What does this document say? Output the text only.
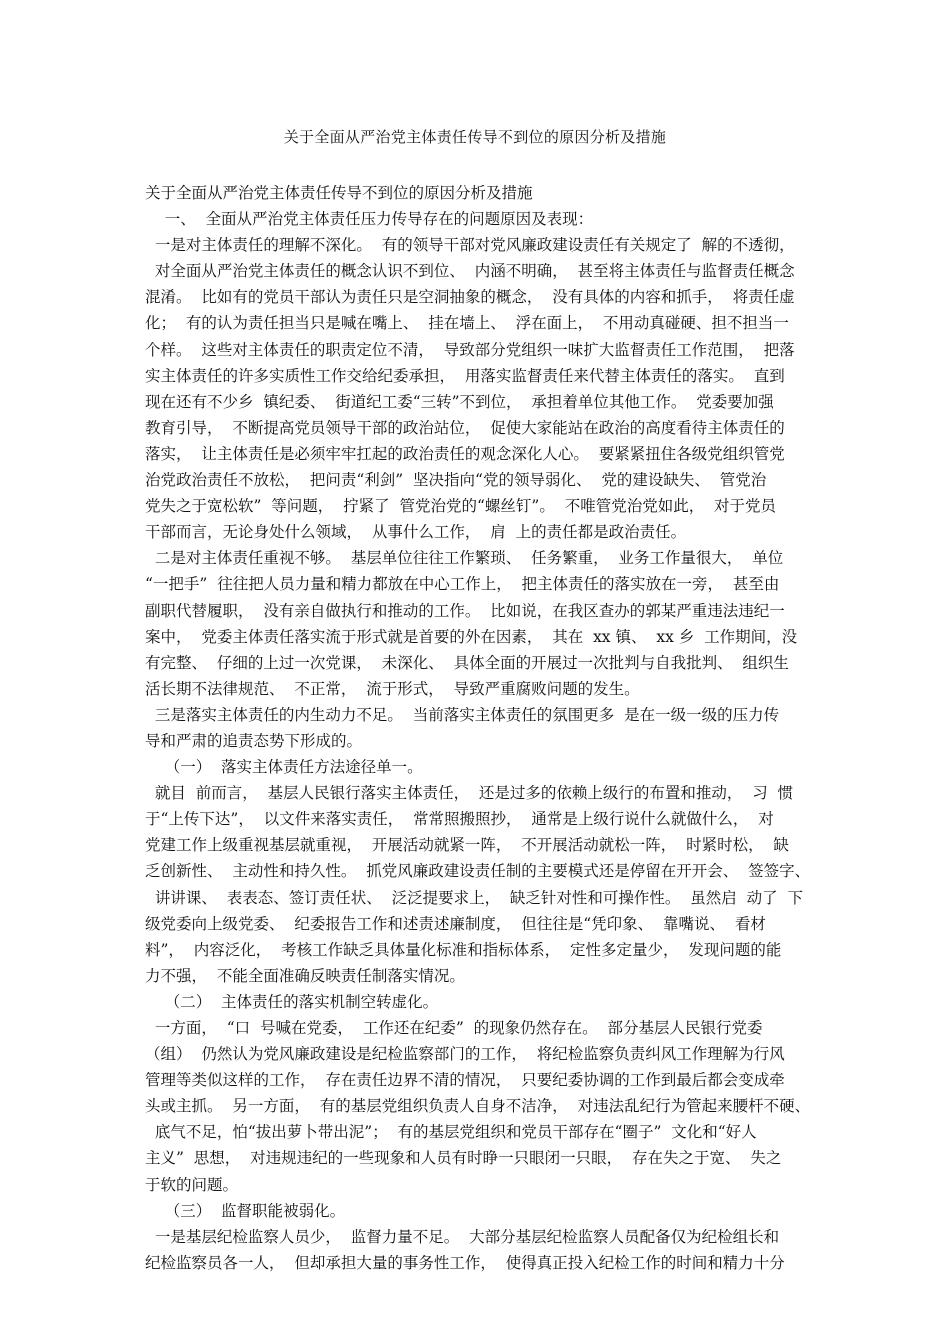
关于全面从严治党主体责任传导不到位的原因分析及措施
关于全面从严治党主体责任传导不到位的原因分析及措施
一、  全面从严治党主体责任压力传导存在的问题原因及表现：
一是对主体责任的理解不深化。  有的领导干部对党风廉政建设责任有关规定了  解的不透彻，
对全面从严治党主体责任的概念认识不到位、  内涵不明确，  甚至将主体责任与监督责任概念
混淆。  比如有的党员干部认为责任只是空洞抽象的概念，  没有具体的内容和抓手，  将责任虚
化；  有的认为责任担当只是喊在嘴上、  挂在墙上、  浮在面上，  不用动真碰硬、担不担当一
个样。  这些对主体责任的职责定位不清，  导致部分党组织一味扩大监督责任工作范围，  把落
实主体责任的许多实质性工作交给纪委承担，  用落实监督责任来代替主体责任的落实。  直到
现在还有不少乡  镇纪委、  街道纪工委“三转”不到位，  承担着单位其他工作。  党委要加强
教育引导，  不断提高党员领导干部的政治站位，  促使大家能站在政治的高度看待主体责任的
落实，  让主体责任是必须牢牢扛起的政治责任的观念深化人心。  要紧紧扭住各级党组织管党
治党政治责任不放松，  把问责“利剑”  坚决指向“党的领导弱化、  党的建设缺失、  管党治
党失之于宽松软”  等问题，  拧紧了  管党治党的“螺丝钉”。  不唯管党治党如此，  对于党员
干部而言，无论身处什么领域，  从事什么工作，  肩  上的责任都是政治责任。
二是对主体责任重视不够。  基层单位往往工作繁琐、  任务繁重，  业务工作量很大，  单位
“一把手”  往往把人员力量和精力都放在中心工作上，  把主体责任的落实放在一旁，  甚至由
副职代替履职，  没有亲自做执行和推动的工作。  比如说，在我区查办的郭某严重违法违纪一
案中，  党委主体责任落实流于形式就是首要的外在因素，  其在  xx 镇、  xx 乡  工作期间，没
有完整、  仔细的上过一次党课，  未深化、  具体全面的开展过一次批判与自我批判、  组织生
活长期不法律规范、  不正常，  流于形式，  导致严重腐败问题的发生。
三是落实主体责任的内生动力不足。  当前落实主体责任的氛围更多  是在一级一级的压力传
导和严肃的追责态势下形成的。
（一）  落实主体责任方法途径单一。
就目  前而言，  基层人民银行落实主体责任，  还是过多的依赖上级行的布置和推动，  习  惯
于“上传下达”，  以文件来落实责任，  常常照搬照抄，  通常是上级行说什么就做什么，  对
党建工作上级重视基层就重视，  开展活动就紧一阵，  不开展活动就松一阵，  时紧时松，  缺
乏创新性、  主动性和持久性。  抓党风廉政建设责任制的主要模式还是停留在开开会、  签签字、
讲讲课、  表表态、签订责任状、  泛泛提要求上，  缺乏针对性和可操作性。  虽然启  动了  下
级党委向上级党委、  纪委报告工作和述责述廉制度，  但往往是“凭印象、  靠嘴说、  看材
料”，  内容泛化，  考核工作缺乏具体量化标准和指标体系，  定性多定量少，  发现问题的能
力不强，  不能全面准确反映责任制落实情况。
（二）  主体责任的落实机制空转虚化。
一方面，  “口  号喊在党委，  工作还在纪委”  的现象仍然存在。  部分基层人民银行党委
（组）  仍然认为党风廉政建设是纪检监察部门的工作，  将纪检监察负责纠风工作理解为行风
管理等类似这样的工作，  存在责任边界不清的情况，  只要纪委协调的工作到最后都会变成牵
头或主抓。  另一方面，  有的基层党组织负责人自身不洁净，  对违法乱纪行为管起来腰杆不硬、
底气不足，怕“拔出萝卜带出泥”；  有的基层党组织和党员干部存在“圈子”  文化和“好人
主义”  思想，  对违规违纪的一些现象和人员有时睁一只眼闭一只眼，  存在失之于宽、  失之
于软的问题。
（三）  监督职能被弱化。
一是基层纪检监察人员少，  监督力量不足。  大部分基层纪检监察人员配备仅为纪检组长和
纪检监察员各一人，  但却承担大量的事务性工作，  使得真正投入纪检工作的时间和精力十分
